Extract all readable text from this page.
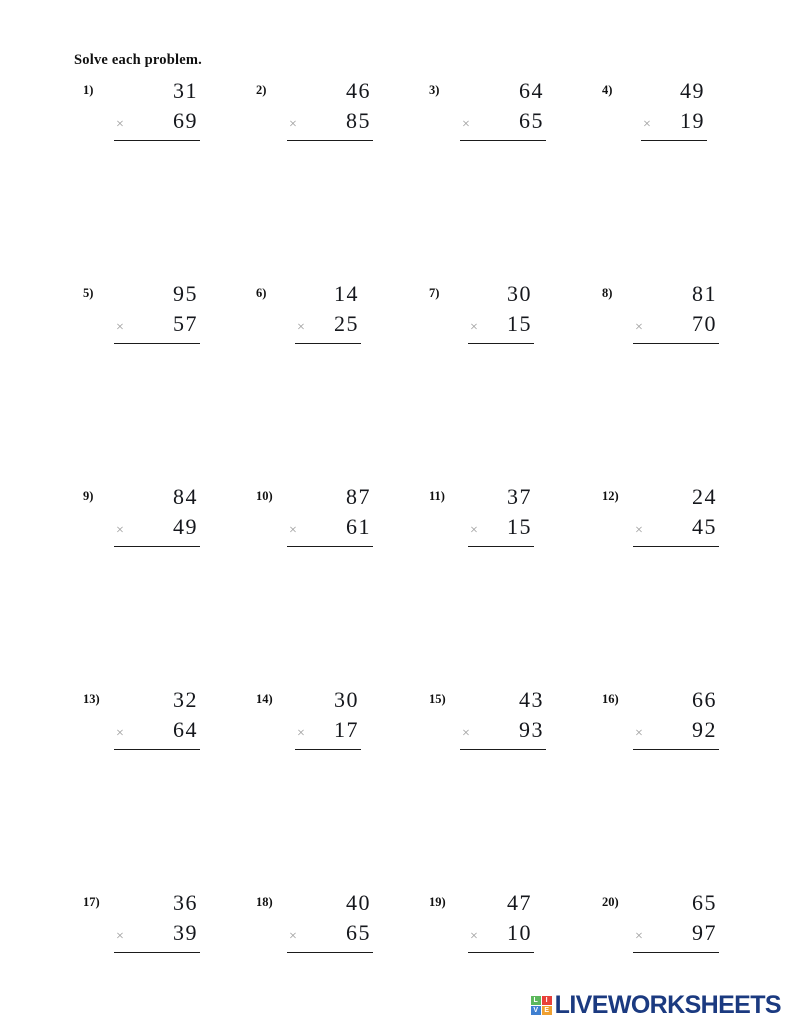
Solve each problem.
1)	31
× 69
2)	46
× 85
3)	64
× 65
4)	49
× 19
5)	95
× 57
6)	14
× 25
7)	30
× 15
8)	81
× 70
9)	84
× 49
10)	87
× 61
11)	37
× 15
12)	24
× 45
13)	32
× 64
14)	30
× 17
15)	43
× 93
16)	66
× 92
17)	36
× 39
18)	40
× 65
19)	47
× 10
20)	65
× 97
L	I
V E LIVEWORKSHEETS
